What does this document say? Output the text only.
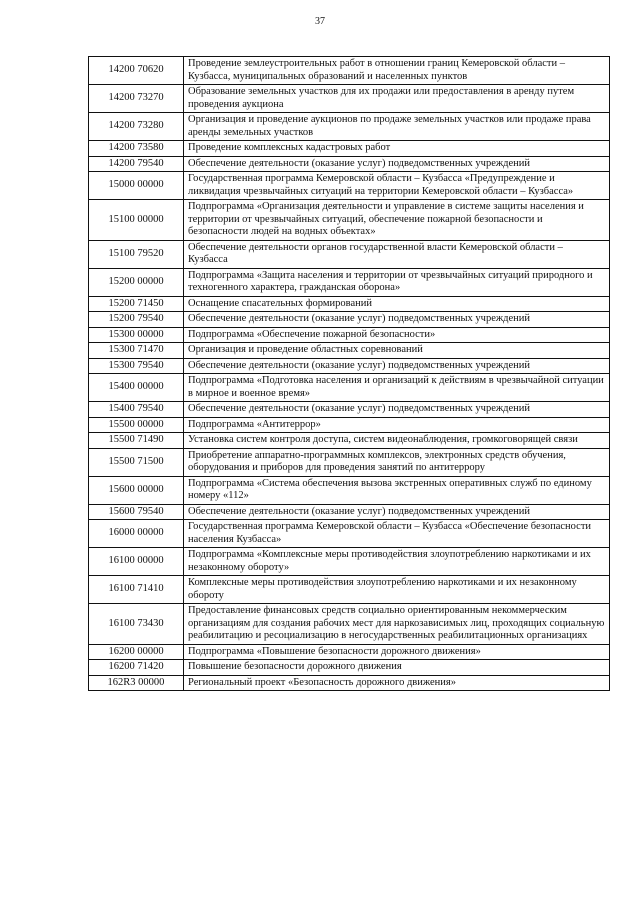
37
14200 70620	Проведение землеустроительных работ в отношении границ Кемеровской области – Кузбасса, муниципальных образований и населенных пунктов
14200 73270	Образование земельных участков для их продажи или предоставления в аренду путем проведения аукциона
14200 73280	Организация и проведение аукционов по продаже земельных участков или продаже права аренды земельных участков
14200 73580	Проведение комплексных кадастровых работ
14200 79540	Обеспечение деятельности (оказание услуг) подведомственных учреждений
15000 00000	Государственная программа Кемеровской области – Кузбасса «Предупреждение и ликвидация чрезвычайных ситуаций на территории Кемеровской области – Кузбасса»
15100 00000	Подпрограмма «Организация деятельности и управление в системе защиты населения и территории от чрезвычайных ситуаций, обеспечение пожарной безопасности и безопасности людей на водных объектах»
15100 79520	Обеспечение деятельности органов государственной власти Кемеровской области – Кузбасса
15200 00000	Подпрограмма «Защита населения и территории от чрезвычайных ситуаций природного и техногенного характера, гражданская оборона»
15200 71450	Оснащение спасательных формирований
15200 79540	Обеспечение деятельности (оказание услуг) подведомственных учреждений
15300 00000	Подпрограмма «Обеспечение пожарной безопасности»
15300 71470	Организация и проведение областных соревнований
15300 79540	Обеспечение деятельности (оказание услуг) подведомственных учреждений
15400 00000	Подпрограмма «Подготовка населения и организаций к действиям в чрезвычайной ситуации в мирное и военное время»
15400 79540	Обеспечение деятельности (оказание услуг) подведомственных учреждений
15500 00000	Подпрограмма «Антитеррор»
15500 71490	Установка систем контроля доступа, систем видеонаблюдения, громкоговорящей связи
15500 71500	Приобретение аппаратно-программных комплексов, электронных средств обучения, оборудования и приборов для проведения занятий по антитеррору
15600 00000	Подпрограмма «Система обеспечения вызова экстренных оперативных служб по единому номеру «112»
15600 79540	Обеспечение деятельности (оказание услуг) подведомственных учреждений
16000 00000	Государственная программа Кемеровской области – Кузбасса «Обеспечение безопасности населения Кузбасса»
16100 00000	Подпрограмма «Комплексные меры противодействия злоупотреблению наркотиками и их незаконному обороту»
16100 71410	Комплексные меры противодействия злоупотреблению наркотиками и их незаконному обороту
16100 73430	Предоставление финансовых средств социально ориентированным некоммерческим организациям для создания рабочих мест для наркозависимых лиц, проходящих социальную реабилитацию и ресоциализацию в негосударственных реабилитационных организациях
16200 00000	Подпрограмма «Повышение безопасности дорожного движения»
16200 71420	Повышение безопасности дорожного движения
162R3 00000	Региональный проект «Безопасность дорожного движения»
